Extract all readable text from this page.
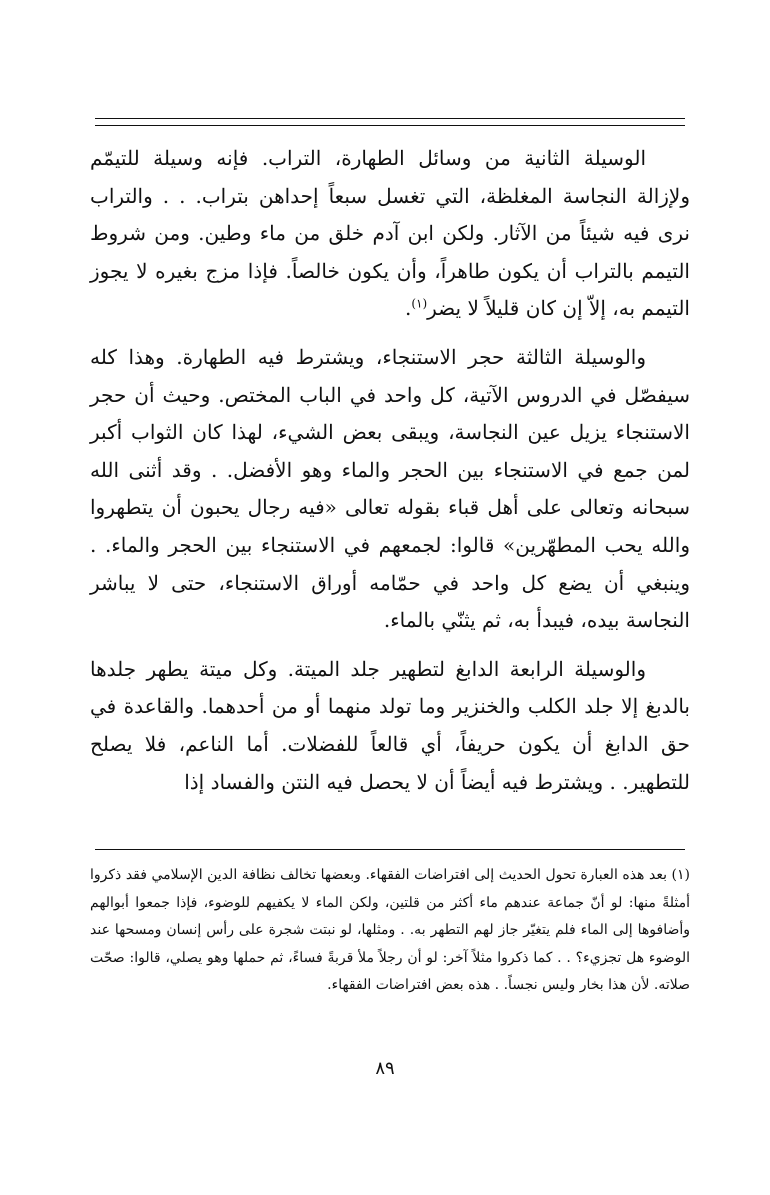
الوسيلة الثانية من وسائل الطهارة، التراب. فإنه وسيلة للتيمّم ولإزالة النجاسة المغلظة، التي تغسل سبعاً إحداهن بتراب. . . والتراب نرى فيه شيئاً من الآثار. ولكن ابن آدم خلق من ماء وطين. ومن شروط التيمم بالتراب أن يكون طاهراً، وأن يكون خالصاً. فإذا مزج بغيره لا يجوز التيمم به، إلاّ إن كان قليلاً لا يضر$^{(١)}$.

والوسيلة الثالثة حجر الاستنجاء، ويشترط فيه الطهارة. وهذا كله سيفصّل في الدروس الآتية، كل واحد في الباب المختص. وحيث أن حجر الاستنجاء يزيل عين النجاسة، ويبقى بعض الشيء، لهذا كان الثواب أكبر لمن جمع في الاستنجاء بين الحجر والماء وهو الأفضل. . وقد أثنى الله سبحانه وتعالى على أهل قباء بقوله تعالى «فيه رجال يحبون أن يتطهروا والله يحب المطهّرين» قالوا: لجمعهم في الاستنجاء بين الحجر والماء. . وينبغي أن يضع كل واحد في حمّامه أوراق الاستنجاء، حتى لا يباشر النجاسة بيده، فيبدأ به، ثم يثنّي بالماء.

والوسيلة الرابعة الدابغ لتطهير جلد الميتة. وكل ميتة يطهر جلدها بالدبغ إلا جلد الكلب والخنزير وما تولد منهما أو من أحدهما. والقاعدة في حق الدابغ أن يكون حريفاً، أي قالعاً للفضلات. أما الناعم، فلا يصلح للتطهير. . ويشترط فيه أيضاً أن لا يحصل فيه النتن والفساد إذا

(١) بعد هذه العبارة تحول الحديث إلى افتراضات الفقهاء. وبعضها تخالف نظافة الدين الإسلامي فقد ذكروا أمثلةً منها: لو أنّ جماعة عندهم ماء أكثر من قلتين، ولكن الماء لا يكفيهم للوضوء، فإذا جمعوا أبوالهم وأضافوها إلى الماء فلم يتغيّر جاز لهم التطهر به. . ومثلها، لو نبتت شجرة على رأس إنسان ومسحها عند الوضوء هل تجزيء؟ . . كما ذكروا مثلاً آخر: لو أن رجلاً ملأ قربةً فساءً، ثم حملها وهو يصلي، قالوا: صحّت صلاته. لأن هذا بخار وليس نجساً. . هذه بعض افتراضات الفقهاء.

٨٩
